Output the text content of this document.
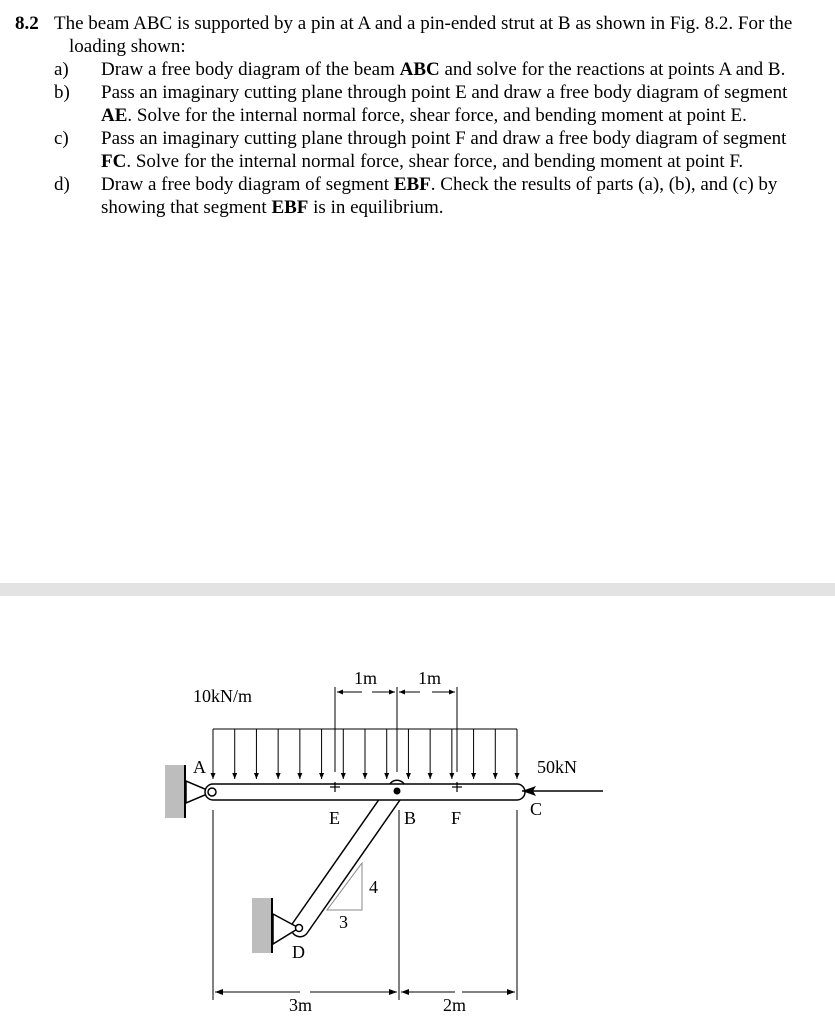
8.2 The beam ABC is supported by a pin at A and a pin-ended strut at B as shown in Fig. 8.2. For the loading shown:
a) Draw a free body diagram of the beam ABC and solve for the reactions at points A and B.
b) Pass an imaginary cutting plane through point E and draw a free body diagram of segment AE. Solve for the internal normal force, shear force, and bending moment at point E.
c) Pass an imaginary cutting plane through point F and draw a free body diagram of segment FC. Solve for the internal normal force, shear force, and bending moment at point F.
d) Draw a free body diagram of segment EBF. Check the results of parts (a), (b), and (c) by showing that segment EBF is in equilibrium.
10kN/m
50kN
A
B	C
D
E	F
1m 1m
3m	2m
4
3
